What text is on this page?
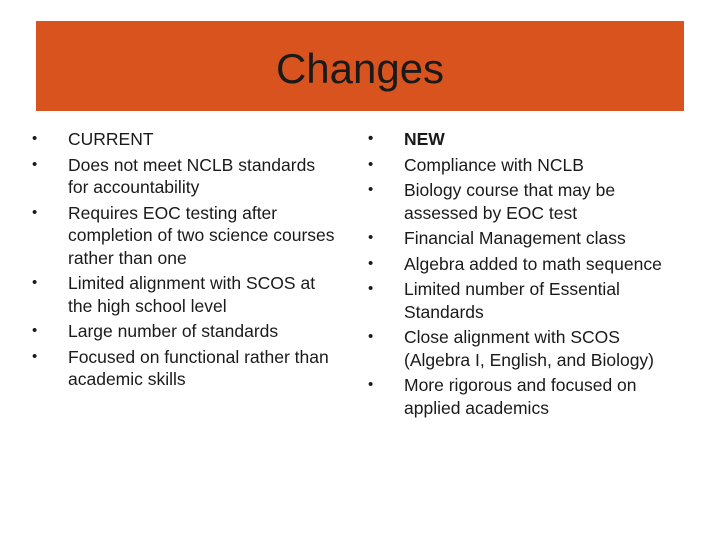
Changes
•	CURRENT
•	Does not meet NCLB standards for accountability
•	Requires EOC testing after completion of two science courses rather than one
•	Limited alignment with SCOS at the high school level
•	Large number of standards
•	Focused on functional rather than academic skills
•	NEW
•	Compliance with NCLB
•	Biology course that may be assessed by EOC test
•	Financial Management class
•	Algebra added to math sequence
•	Limited number of Essential Standards
•	Close alignment with SCOS (Algebra I, English, and Biology)
•	More rigorous and focused on applied academics
